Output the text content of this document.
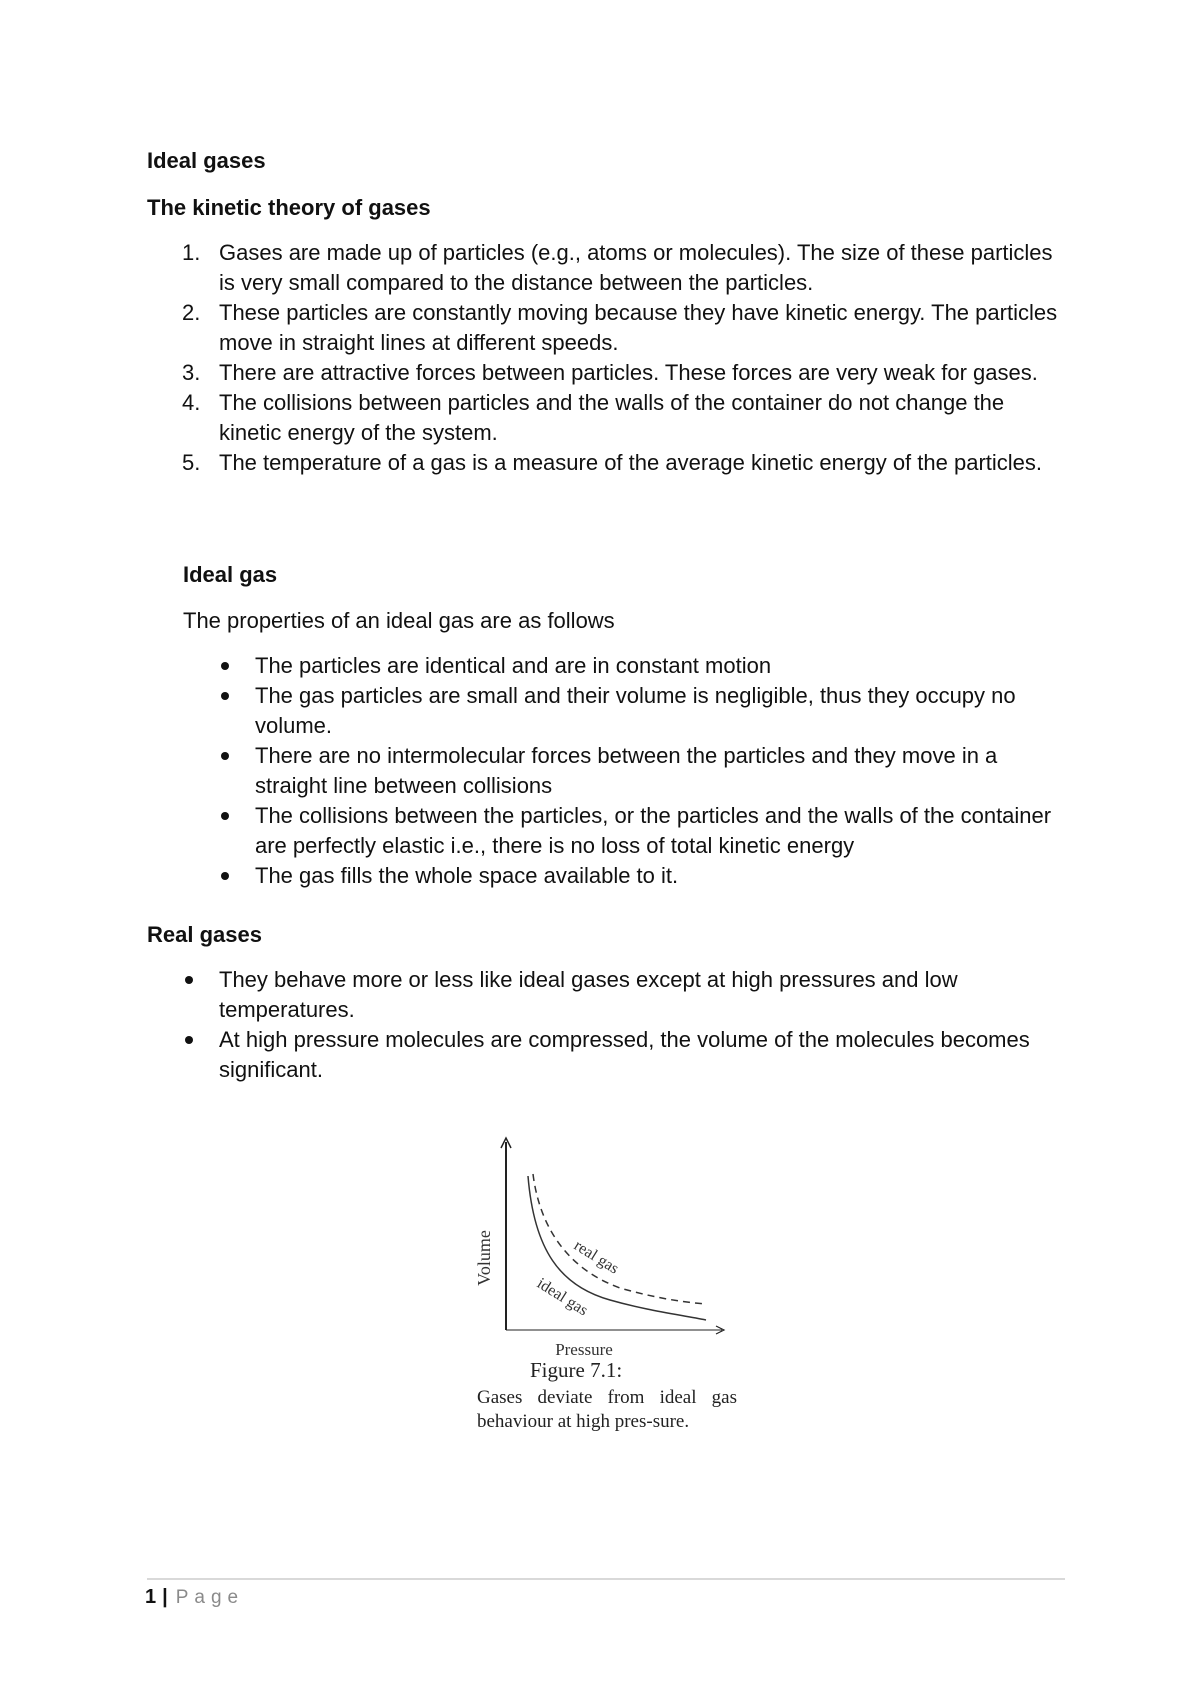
Ideal gases
The kinetic theory of gases
1. Gases are made up of particles (e.g., atoms or molecules). The size of these particles is very small compared to the distance between the particles.
2. These particles are constantly moving because they have kinetic energy. The particles move in straight lines at different speeds.
3. There are attractive forces between particles. These forces are very weak for gases.
4. The collisions between particles and the walls of the container do not change the kinetic energy of the system.
5. The temperature of a gas is a measure of the average kinetic energy of the particles.
Ideal gas

The properties of an ideal gas are as follows

The particles are identical and are in constant motion
The gas particles are small and their volume is negligible, thus they occupy no volume.
There are no intermolecular forces between the particles and they move in a straight line between collisions
The collisions between the particles, or the particles and the walls of the container are perfectly elastic i.e., there is no loss of total kinetic energy
The gas fills the whole space available to it.
Real gases
They behave more or less like ideal gases except at high pressures and low temperatures.
At high pressure molecules are compressed, the volume of the molecules becomes significant.
Volume
Pressure
real gas
ideal gas
Figure 7.1:
Gases deviate from ideal gas behaviour at high pres-sure.
1 | Page
